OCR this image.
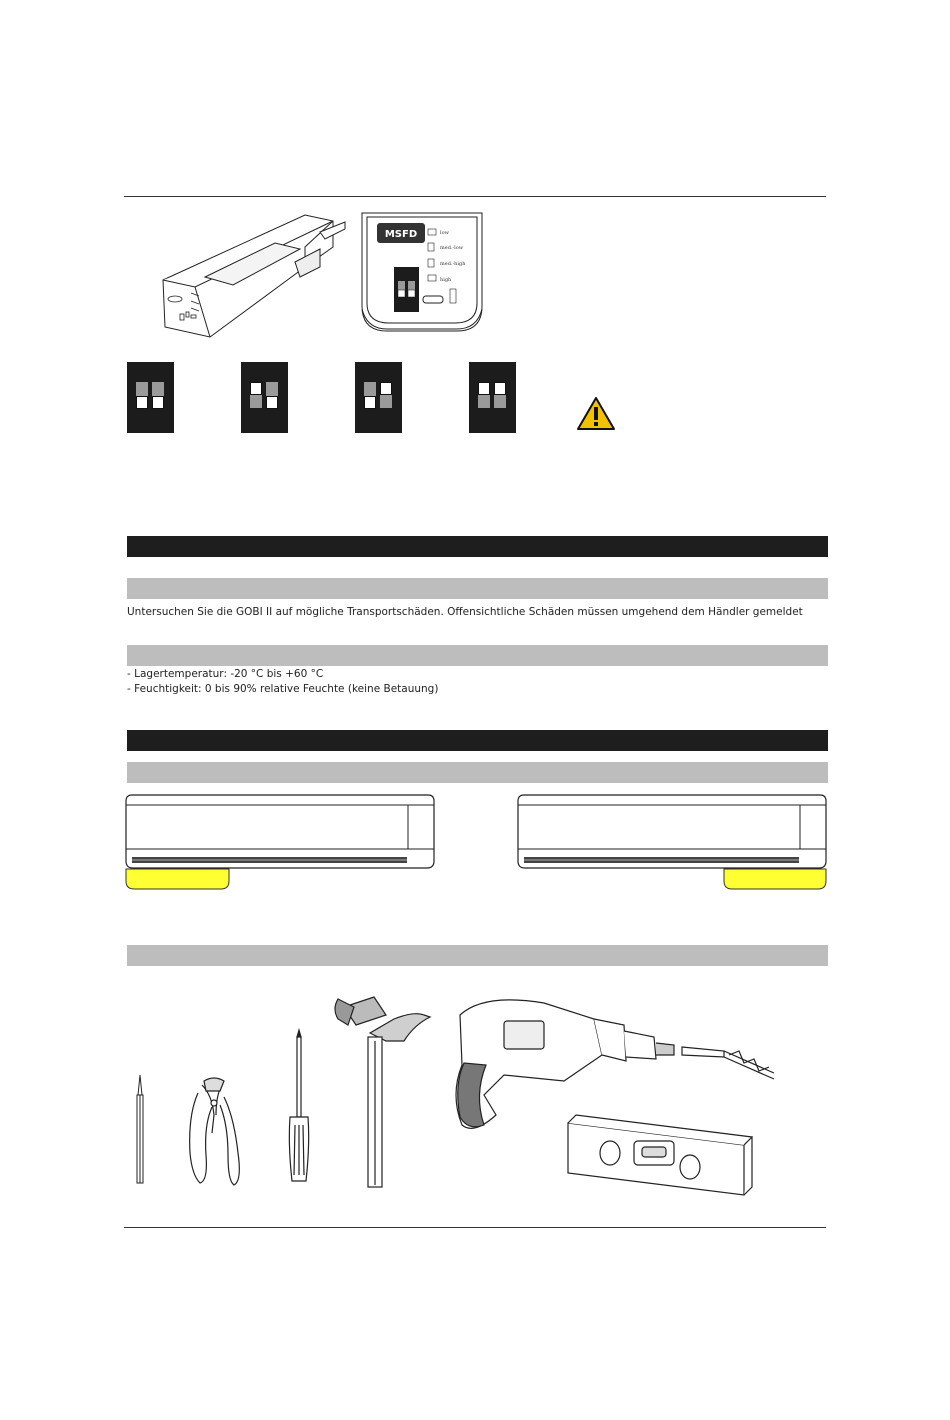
MSFD	low
med.-low
med.-high
high
Untersuchen Sie die GOBI II auf mögliche Transportschäden. Offensichtliche Schäden müssen umgehend dem Händler gemeldet
- Lagertemperatur: -20 °C bis +60 °C
- Feuchtigkeit: 0 bis 90% relative Feuchte (keine Betauung)
